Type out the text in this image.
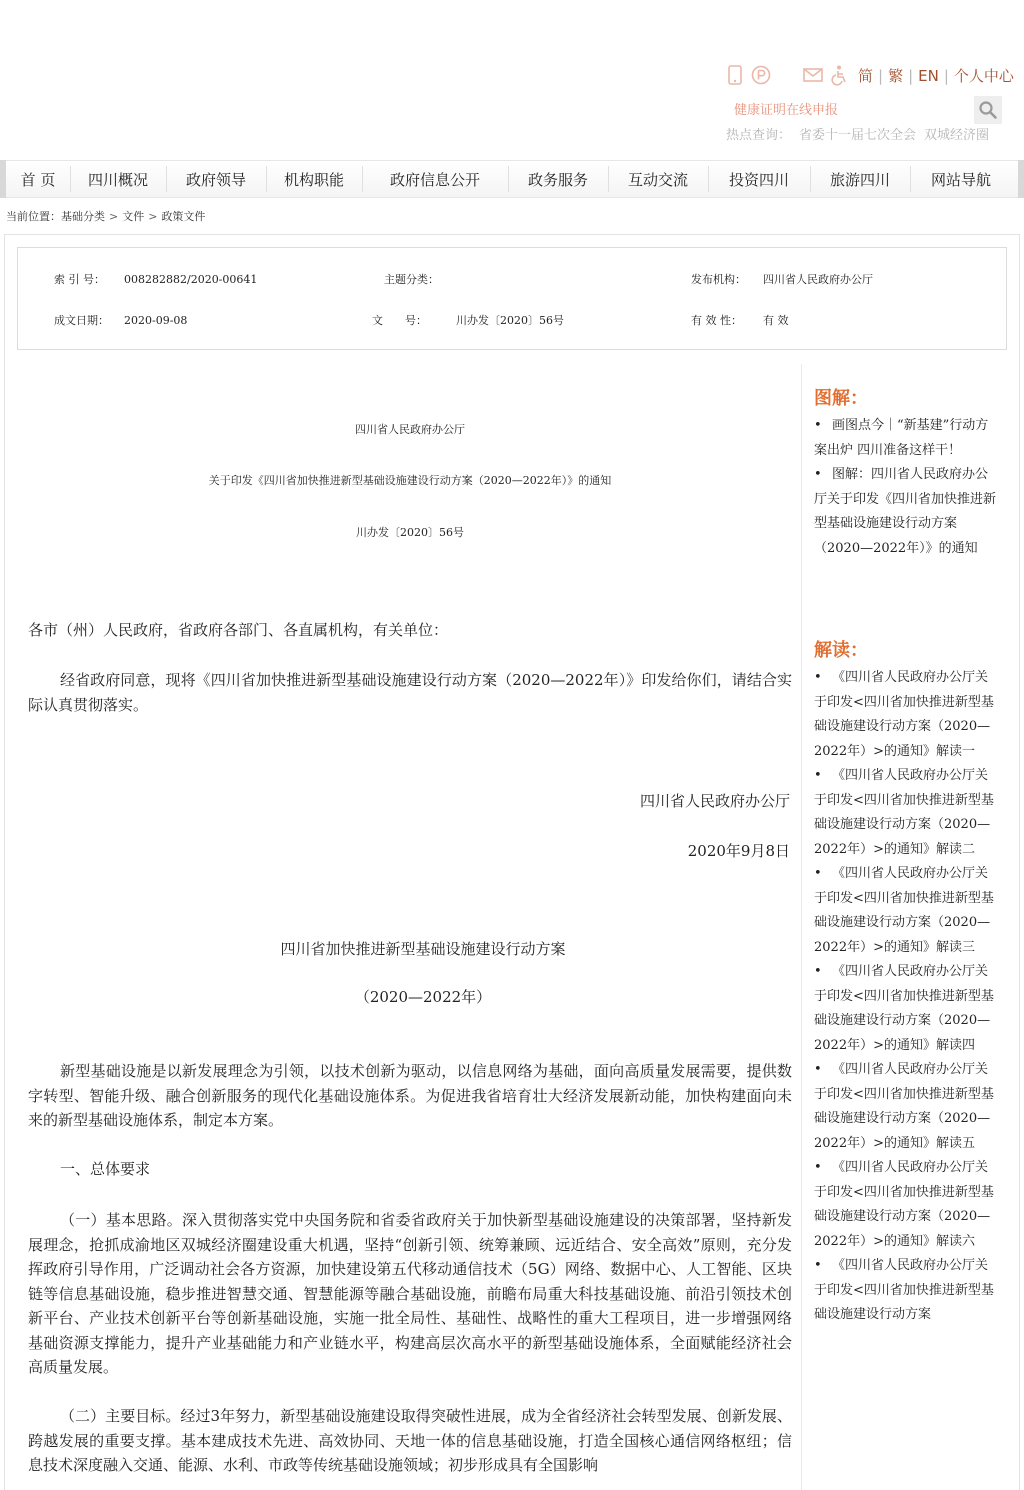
简 | 繁 | EN | 个人中心
健康证明在线申报
热点查询： 省委十一届七次全会 双城经济圈
首 页	四川概况	政府领导	机构职能	政府信息公开	政务服务	互动交流	投资四川	旅游四川	网站导航
当前位置：基础分类 > 文件 > 政策文件
索 引 号： 008282882/2020-00641	主题分类：	发布机构： 四川省人民政府办公厅
成文日期： 2020-09-08	文　　号：	川办发〔2020〕56号	有 效 性： 有 效
四川省人民政府办公厅
关于印发《四川省加快推进新型基础设施建设行动方案（2020—2022年）》的通知
川办发〔2020〕56号
各市（州）人民政府，省政府各部门、各直属机构，有关单位：
经省政府同意，现将《四川省加快推进新型基础设施建设行动方案（2020—2022年）》印发给你们，请结合实际认真贯彻落实。
四川省人民政府办公厅
2020年9月8日
四川省加快推进新型基础设施建设行动方案
（2020—2022年）
新型基础设施是以新发展理念为引领，以技术创新为驱动，以信息网络为基础，面向高质量发展需要，提供数字转型、智能升级、融合创新服务的现代化基础设施体系。为促进我省培育壮大经济发展新动能，加快构建面向未来的新型基础设施体系，制定本方案。
一、总体要求
（一）基本思路。深入贯彻落实党中央国务院和省委省政府关于加快新型基础设施建设的决策部署，坚持新发展理念，抢抓成渝地区双城经济圈建设重大机遇，坚持“创新引领、统筹兼顾、远近结合、安全高效”原则，充分发挥政府引导作用，广泛调动社会各方资源，加快建设第五代移动通信技术（5G）网络、数据中心、人工智能、区块链等信息基础设施，稳步推进智慧交通、智慧能源等融合基础设施，前瞻布局重大科技基础设施、前沿引领技术创新平台、产业技术创新平台等创新基础设施，实施一批全局性、基础性、战略性的重大工程项目，进一步增强网络基础资源支撑能力，提升产业基础能力和产业链水平，构建高层次高水平的新型基础设施体系，全面赋能经济社会高质量发展。
（二）主要目标。经过3年努力，新型基础设施建设取得突破性进展，成为全省经济社会转型发展、创新发展、跨越发展的重要支撑。基本建成技术先进、高效协同、天地一体的信息基础设施，打造全国核心通信网络枢纽；信息技术深度融入交通、能源、水利、市政等传统基础设施领域；初步形成具有全国影响
图解：
• 画图点今｜“新基建”行动方案出炉 四川准备这样干！
• 图解：四川省人民政府办公厅关于印发《四川省加快推进新型基础设施建设行动方案（2020—2022年）》的通知
解读：
• 《四川省人民政府办公厅关于印发<四川省加快推进新型基础设施建设行动方案（2020—2022年）>的通知》解读一
• 《四川省人民政府办公厅关于印发<四川省加快推进新型基础设施建设行动方案（2020—2022年）>的通知》解读二
• 《四川省人民政府办公厅关于印发<四川省加快推进新型基础设施建设行动方案（2020—2022年）>的通知》解读三
• 《四川省人民政府办公厅关于印发<四川省加快推进新型基础设施建设行动方案（2020—2022年）>的通知》解读四
• 《四川省人民政府办公厅关于印发<四川省加快推进新型基础设施建设行动方案（2020—2022年）>的通知》解读五
• 《四川省人民政府办公厅关于印发<四川省加快推进新型基础设施建设行动方案（2020—2022年）>的通知》解读六
• 《四川省人民政府办公厅关于印发<四川省加快推进新型基础设施建设行动方案
